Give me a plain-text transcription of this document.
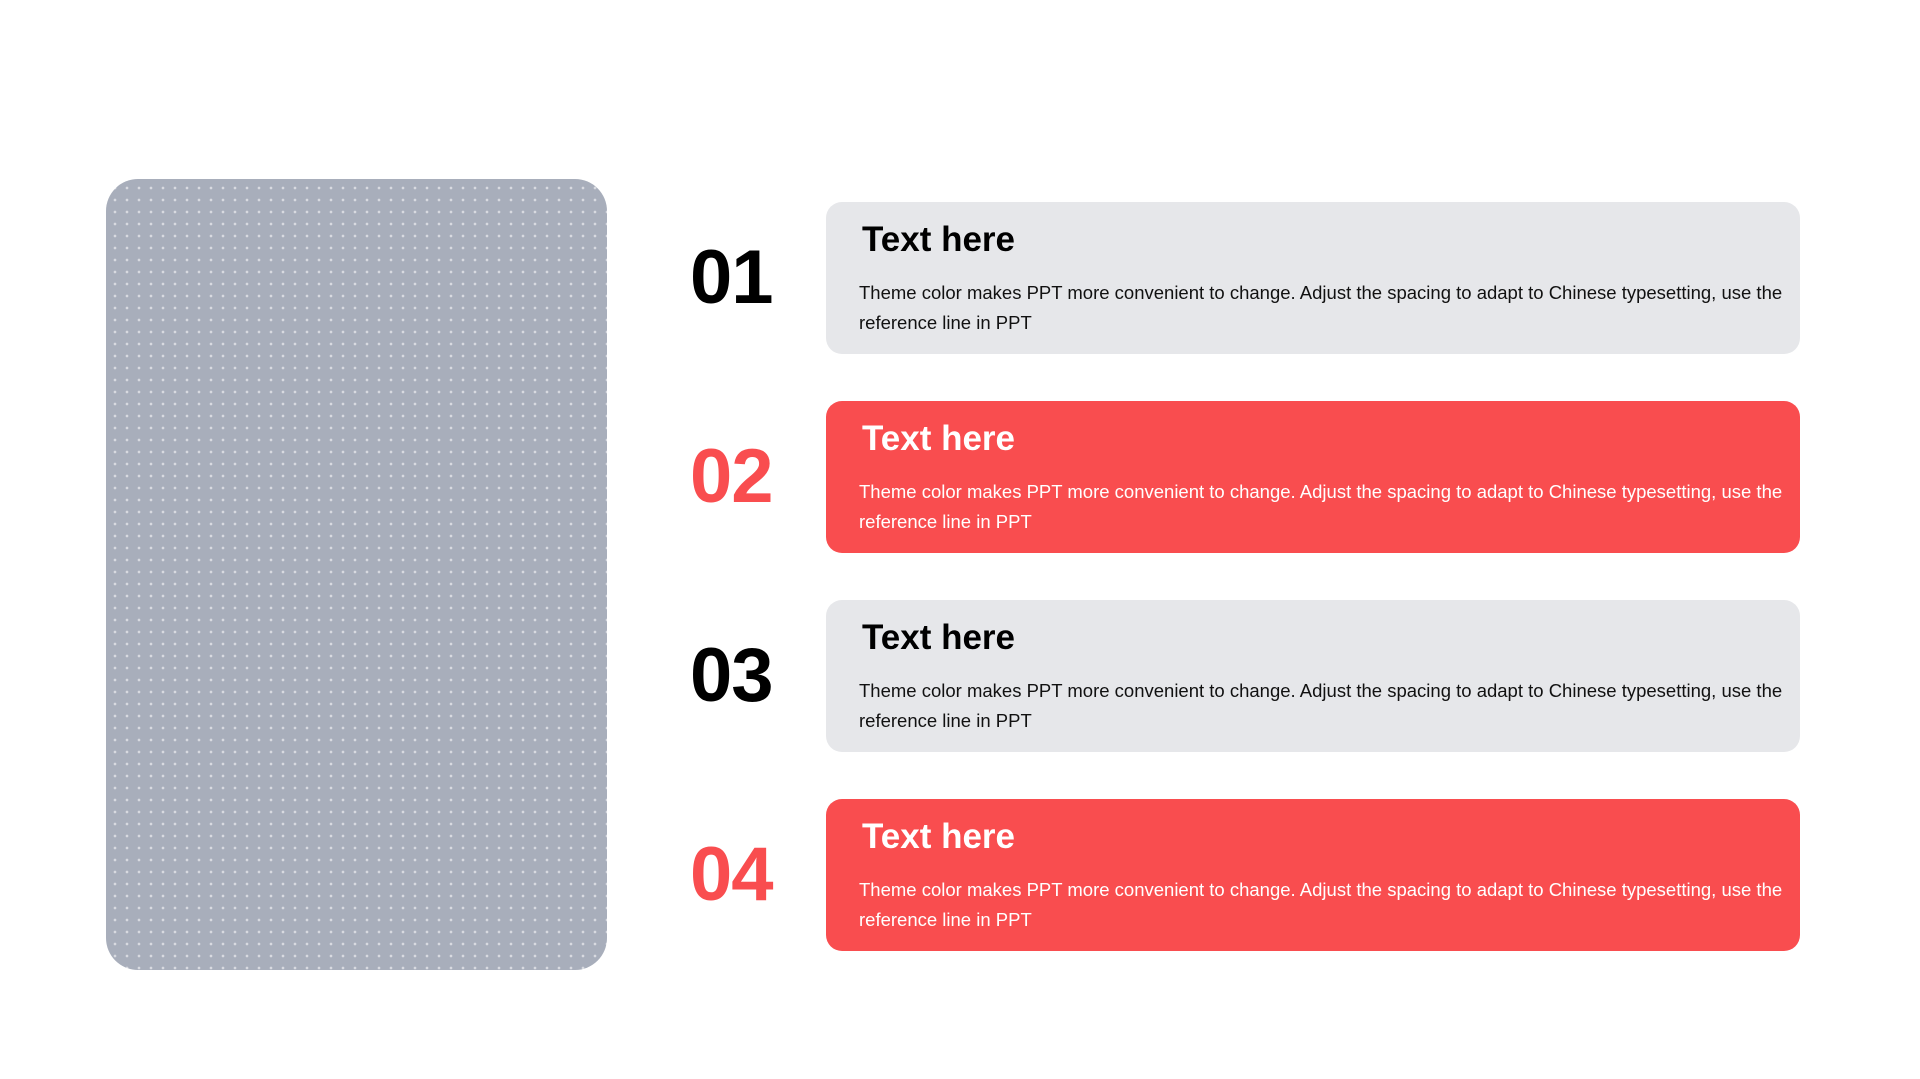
01	Text here
Theme color makes PPT more convenient to change. Adjust the spacing to adapt to Chinese typesetting, use the reference line in PPT
02	Text here
Theme color makes PPT more convenient to change. Adjust the spacing to adapt to Chinese typesetting, use the reference line in PPT
03	Text here
Theme color makes PPT more convenient to change. Adjust the spacing to adapt to Chinese typesetting, use the reference line in PPT
04	Text here
Theme color makes PPT more convenient to change. Adjust the spacing to adapt to Chinese typesetting, use the reference line in PPT
